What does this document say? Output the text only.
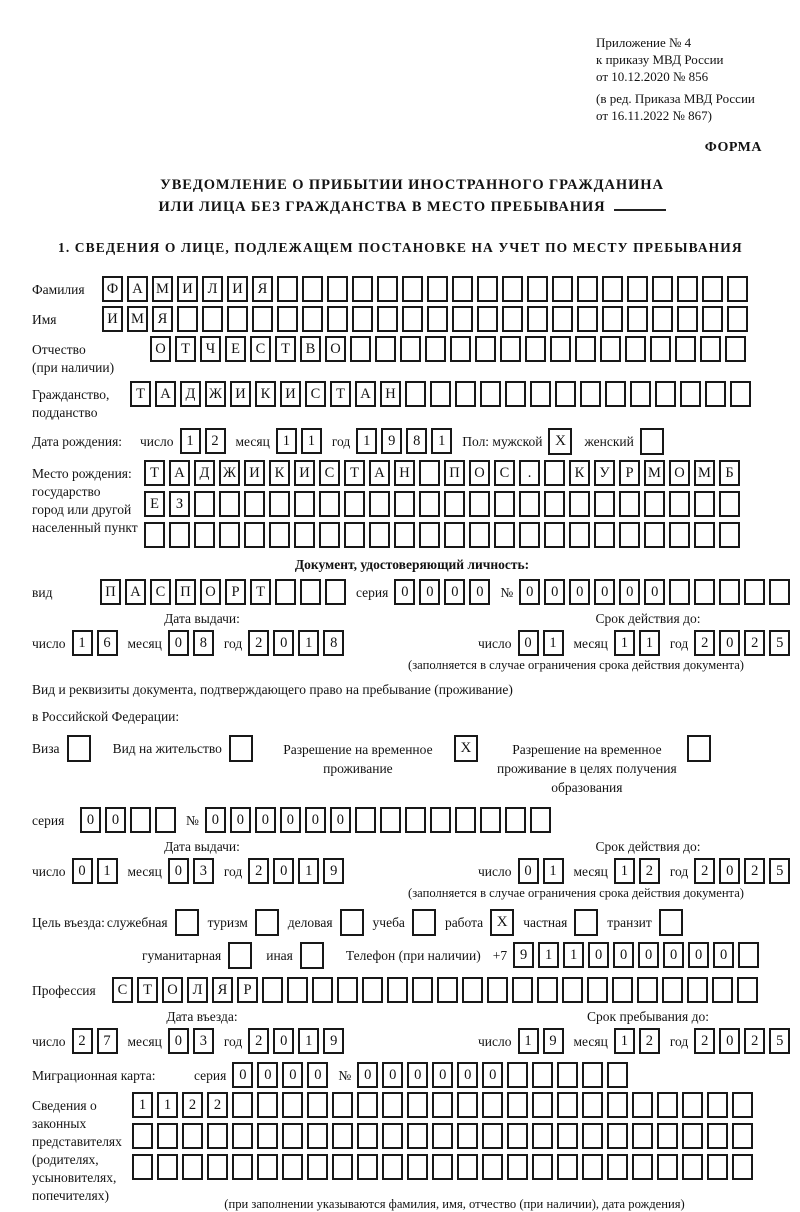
Приложение № 4
к приказу МВД России
от 10.12.2020 № 856
(в ред. Приказа МВД России
от 16.11.2022 № 867)
ФОРМА
УВЕДОМЛЕНИЕ О ПРИБЫТИИ ИНОСТРАННОГО ГРАЖДАНИНА
ИЛИ ЛИЦА БЕЗ ГРАЖДАНСТВА В МЕСТО ПРЕБЫВАНИЯ
1. СВЕДЕНИЯ О ЛИЦЕ, ПОДЛЕЖАЩЕМ ПОСТАНОВКЕ НА УЧЕТ ПО МЕСТУ ПРЕБЫВАНИЯ
Фамилия	Ф А М И	Л	И	Я
Имя	И М Я
Отчество
(при наличии)
О	Т	Ч	Е	С	Т	В	О
Гражданство,
подданство
Т	А	Д Ж И	К	И	С	Т	А	Н
Дата рождения:	число 1	2	месяц 1	1	год 1	9	8	1	Пол: мужской X	женский
Место рождения:
государство
город или другой
населенный пункт
Т	А	Д Ж И	К	И	С	Т	А	Н	П	О	С	.	К	У	Р	М О М Б
Е	З
Документ, удостоверяющий личность:
вид	П	А	С	П	О	Р	Т	серия 0	0	0	0	№ 0	0	0	0	0	0
Дата выдачи:
число 1	6	месяц 0	8	год 2	0	1	8
Срок действия до:
число 0	1	месяц 1	1	год 2	0	2	5
(заполняется в случае ограничения срока действия документа)
Вид и реквизиты документа, подтверждающего право на пребывание (проживание)
в Российской Федерации:
Виза	Вид на жительство	Разрешение на временное проживание
X	Разрешение на временное проживание в целях получения образования
серия	0	0	№ 0	0	0	0	0	0
Дата выдачи:
число 0	1	месяц 0	3	год 2	0	1	9
Срок действия до:
число 0	1	месяц 1	2	год 2	0	2	5
(заполняется в случае ограничения срока действия документа)
Цель въезда: служебная	туризм	деловая	учеба	работа X	частная	транзит
гуманитарная	иная	Телефон (при наличии) +7 9	1	1	0	0	0	0	0	0
Профессия	С	Т	О	Л	Я	Р
Дата въезда:
число 2	7	месяц 0	3	год 2	0	1	9
Срок пребывания до:
число 1	9	месяц 1	2	год 2	0	2	5
Миграционная карта:	серия 0	0	0	0	№ 0	0	0	0	0	0
Сведения о
законных
представителях
(родителях,
усыновителях,
попечителях)
1	1	2	2
(при заполнении указываются фамилия, имя, отчество (при наличии), дата рождения)
